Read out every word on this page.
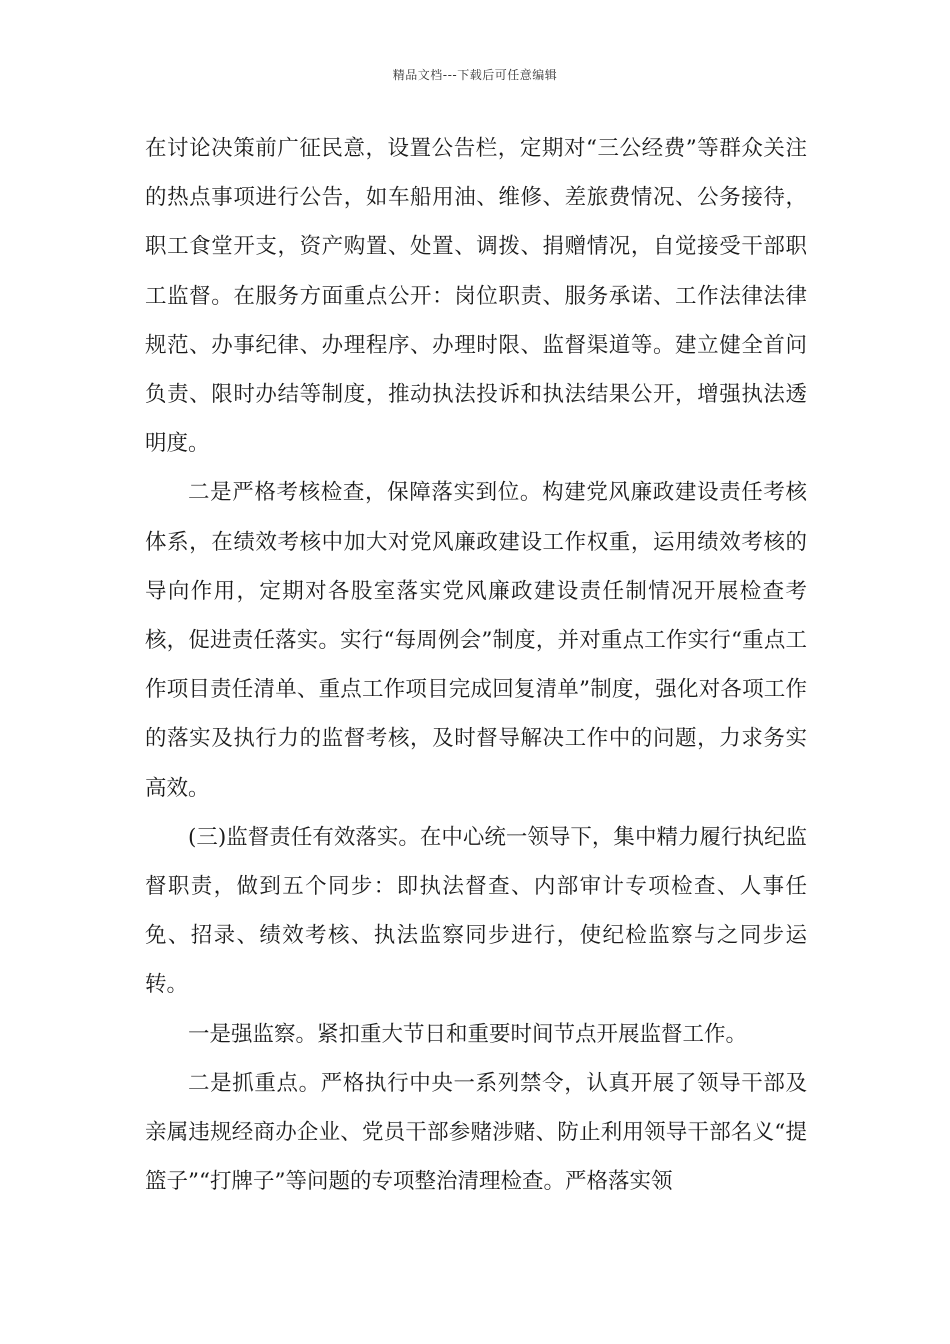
精品文档---下载后可任意编辑

在讨论决策前广征民意，设置公告栏，定期对“三公经费”等群众关注的热点事项进行公告，如车船用油、维修、差旅费情况、公务接待，职工食堂开支，资产购置、处置、调拨、捐赠情况，自觉接受干部职工监督。在服务方面重点公开：岗位职责、服务承诺、工作法律法律规范、办事纪律、办理程序、办理时限、监督渠道等。建立健全首问负责、限时办结等制度，推动执法投诉和执法结果公开，增强执法透明度。

二是严格考核检查，保障落实到位。构建党风廉政建设责任考核体系，在绩效考核中加大对党风廉政建设工作权重，运用绩效考核的导向作用，定期对各股室落实党风廉政建设责任制情况开展检查考核，促进责任落实。实行“每周例会”制度，并对重点工作实行“重点工作项目责任清单、重点工作项目完成回复清单”制度，强化对各项工作的落实及执行力的监督考核，及时督导解决工作中的问题，力求务实高效。

(三)监督责任有效落实。在中心统一领导下，集中精力履行执纪监督职责，做到五个同步：即执法督查、内部审计专项检查、人事任免、招录、绩效考核、执法监察同步进行，使纪检监察与之同步运转。

一是强监察。紧扣重大节日和重要时间节点开展监督工作。

二是抓重点。严格执行中央一系列禁令，认真开展了领导干部及亲属违规经商办企业、党员干部参赌涉赌、防止利用领导干部名义“提篮子”“打牌子”等问题的专项整治清理检查。严格落实领
